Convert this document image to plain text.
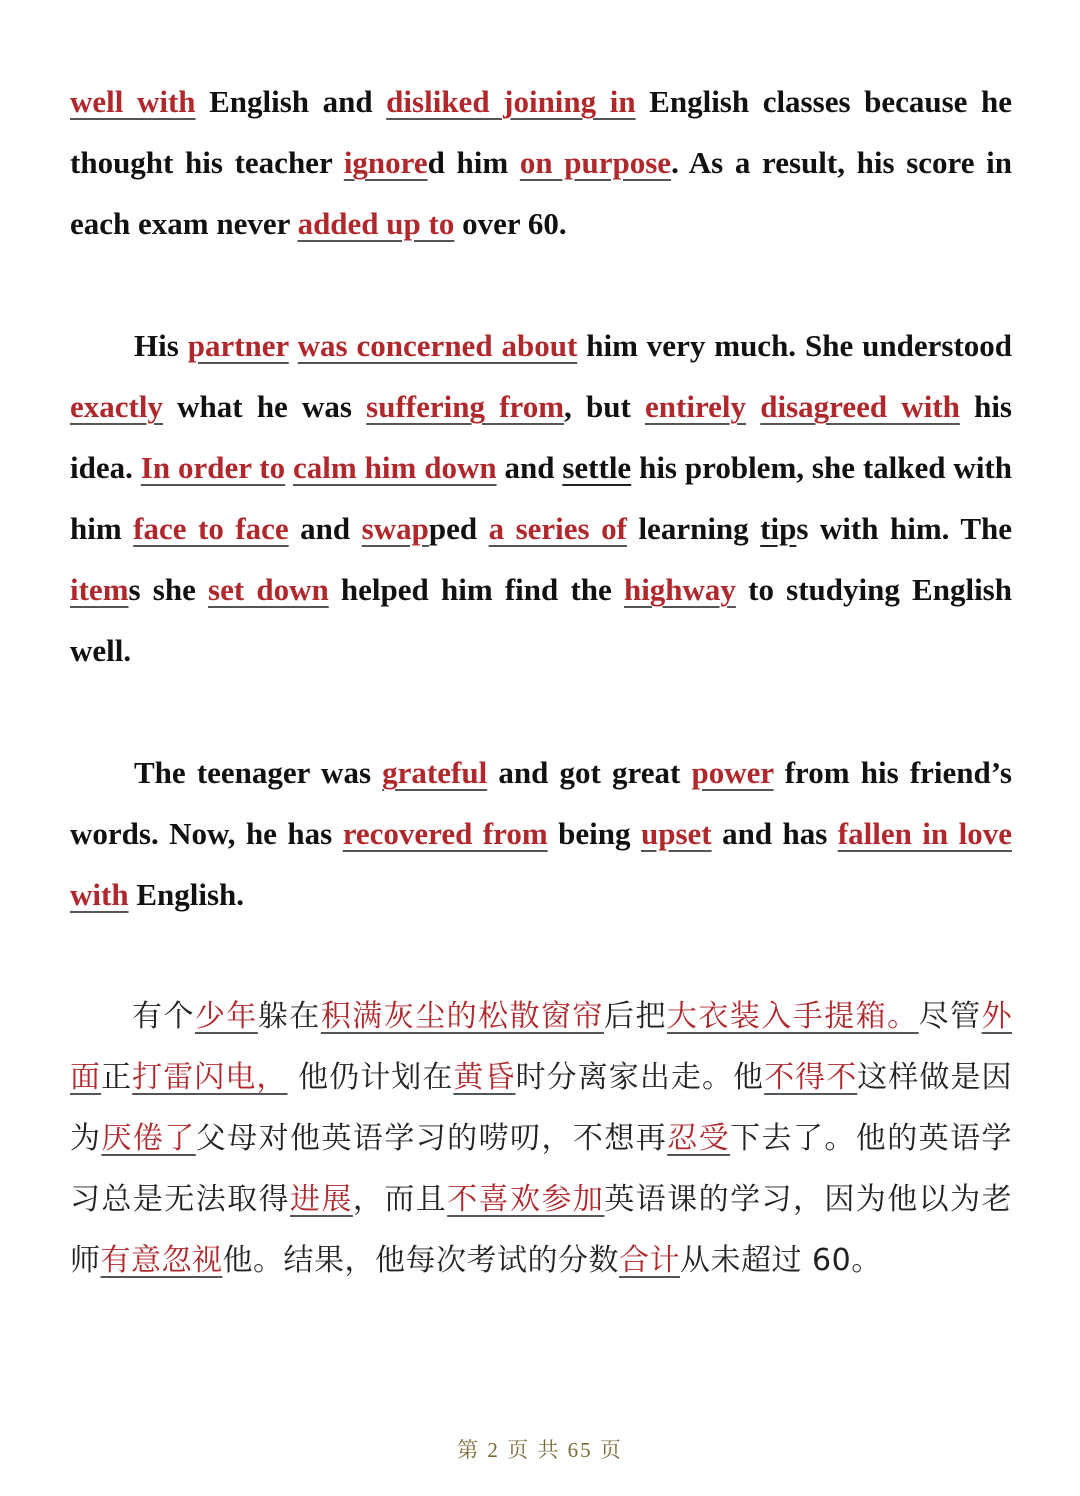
well with English and disliked joining in English classes because he thought his teacher ignored him on purpose. As a result, his score in each exam never added up to over 60.

His partner was concerned about him very much. She understood exactly what he was suffering from, but entirely disagreed with his idea. In order to calm him down and settle his problem, she talked with him face to face and swapped a series of learning tips with him. The items she set down helped him find the highway to studying English well.

The teenager was grateful and got great power from his friend’s words. Now, he has recovered from being upset and has fallen in love with English.

有个少年躲在积满灰尘的松散窗帘后把大衣装入手提箱。尽管外面正打雷闪电， 他仍计划在黄昏时分离家出走。他不得不这样做是因为厌倦了父母对他英语学习的唠叨，不想再忍受下去了。他的英语学习总是无法取得进展，而且不喜欢参加英语课的学习，因为他以为老师有意忽视他。结果，他每次考试的分数合计从未超过 60。

第 2 页 共 65 页
